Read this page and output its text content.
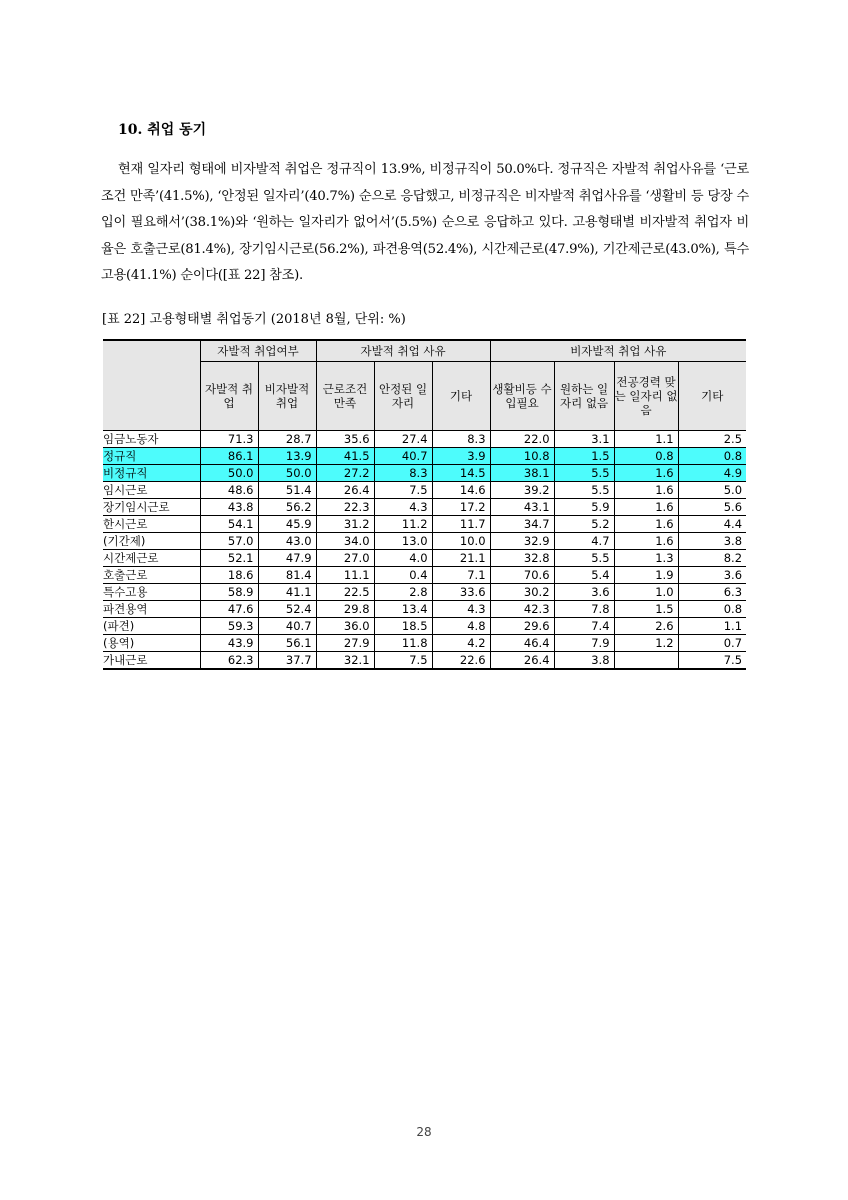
10. 취업 동기

현재 일자리 형태에 비자발적 취업은 정규직이 13.9%, 비정규직이 50.0%다. 정규직은 자발적 취업사유를 ‘근로조건 만족’(41.5%), ‘안정된 일자리’(40.7%) 순으로 응답했고, 비정규직은 비자발적 취업사유를 ‘생활비 등 당장 수입이 필요해서’(38.1%)와 ‘원하는 일자리가 없어서’(5.5%) 순으로 응답하고 있다. 고용형태별 비자발적 취업자 비율은 호출근로(81.4%), 장기임시근로(56.2%), 파견용역(52.4%), 시간제근로(47.9%), 기간제근로(43.0%), 특수고용(41.1%) 순이다([표 22] 참조).

[표 22] 고용형태별 취업동기 (2018년 8월, 단위: %)
	자발적 취업여부		자발적 취업 사유			비자발적 취업 사유			
	자발적 취업	비자발적 취업	근로조건 만족	안정된 일자리	기타	생활비등 수입필요	원하는 일자리 없음	전공경력 맞는 일자리 없음	기타
임금노동자	71.3	28.7	35.6	27.4	8.3	22.0	3.1	1.1	2.5
정규직	86.1	13.9	41.5	40.7	3.9	10.8	1.5	0.8	0.8
비정규직	50.0	50.0	27.2	8.3	14.5	38.1	5.5	1.6	4.9
임시근로	48.6	51.4	26.4	7.5	14.6	39.2	5.5	1.6	5.0
장기임시근로	43.8	56.2	22.3	4.3	17.2	43.1	5.9	1.6	5.6
한시근로	54.1	45.9	31.2	11.2	11.7	34.7	5.2	1.6	4.4
(기간제)	57.0	43.0	34.0	13.0	10.0	32.9	4.7	1.6	3.8
시간제근로	52.1	47.9	27.0	4.0	21.1	32.8	5.5	1.3	8.2
호출근로	18.6	81.4	11.1	0.4	7.1	70.6	5.4	1.9	3.6
특수고용	58.9	41.1	22.5	2.8	33.6	30.2	3.6	1.0	6.3
파견용역	47.6	52.4	29.8	13.4	4.3	42.3	7.8	1.5	0.8
(파견)	59.3	40.7	36.0	18.5	4.8	29.6	7.4	2.6	1.1
(용역)	43.9	56.1	27.9	11.8	4.2	46.4	7.9	1.2	0.7
가내근로	62.3	37.7	32.1	7.5	22.6	26.4	3.8		7.5
28
